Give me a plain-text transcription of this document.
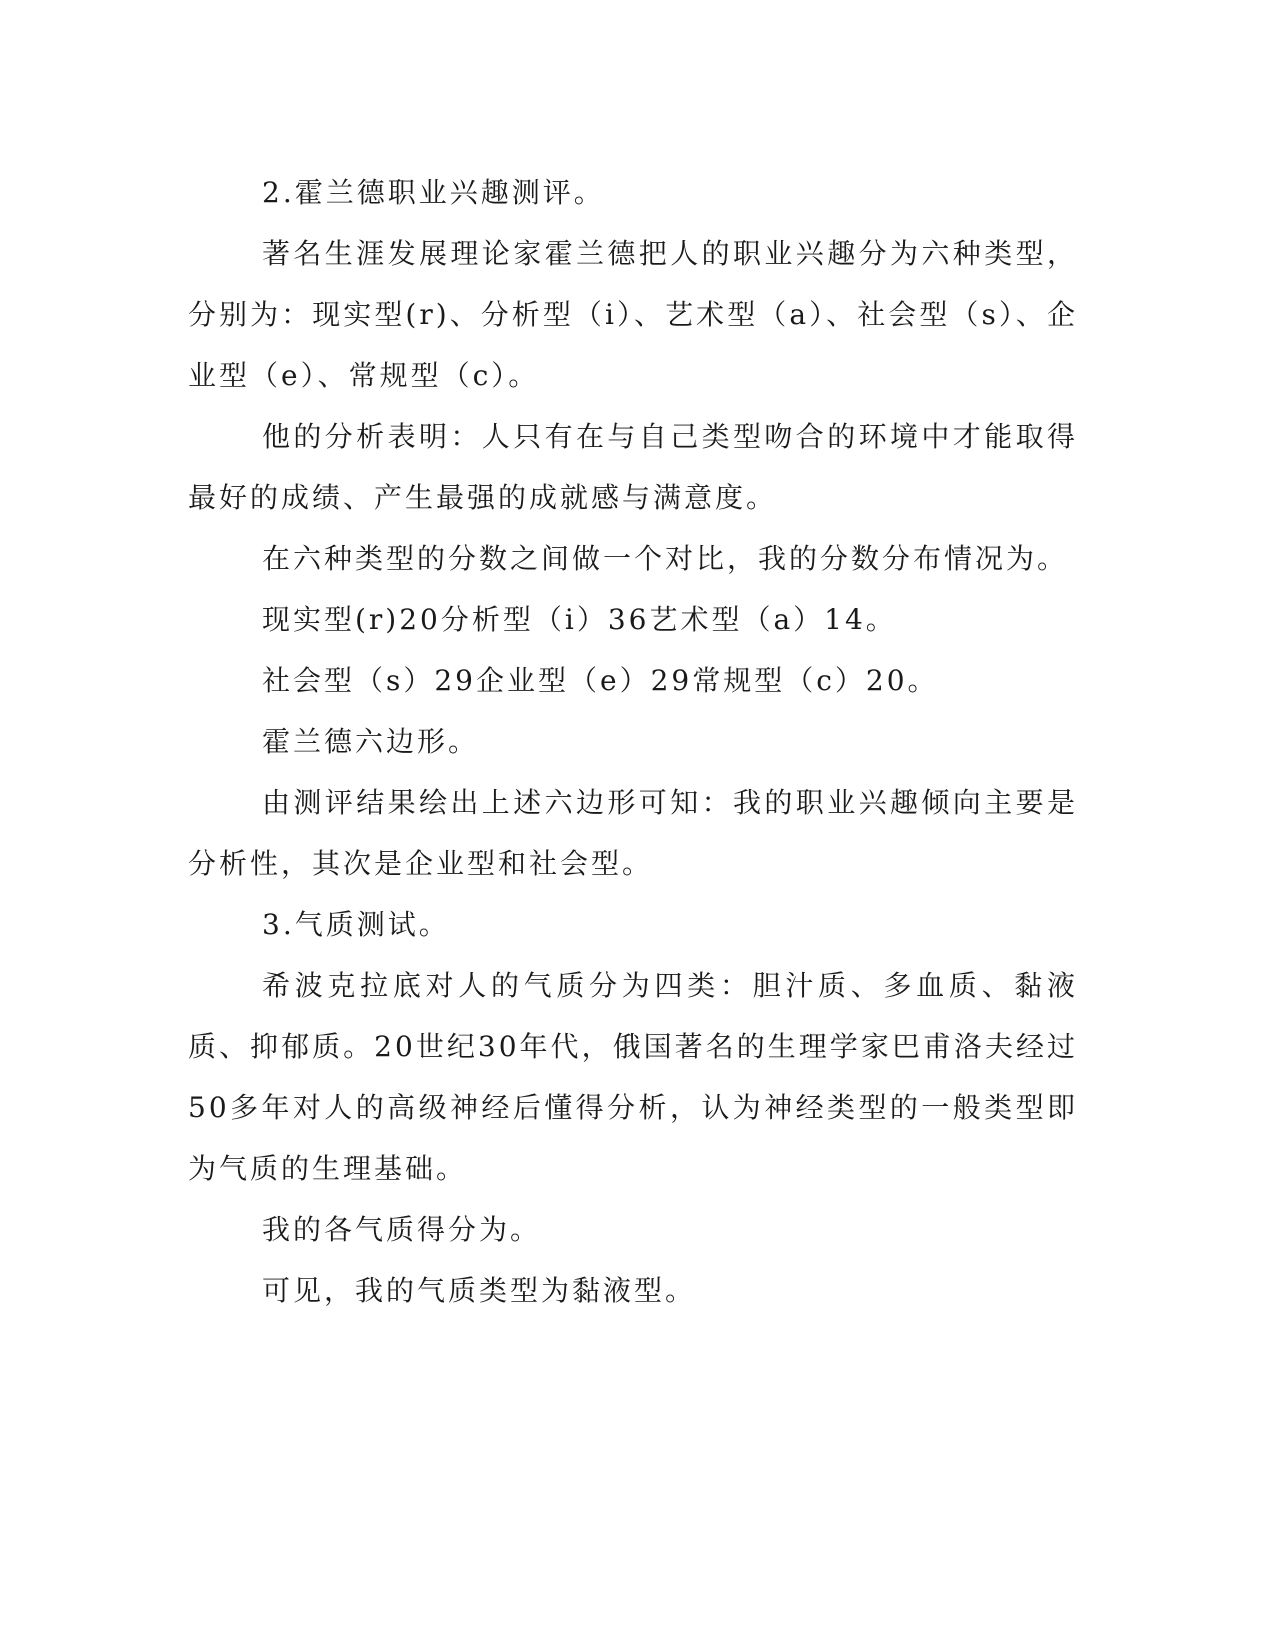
2.霍兰德职业兴趣测评。

著名生涯发展理论家霍兰德把人的职业兴趣分为六种类型，分别为：现实型(r)、分析型（i）、艺术型（a）、社会型（s）、企业型（e）、常规型（c）。

他的分析表明：人只有在与自己类型吻合的环境中才能取得最好的成绩、产生最强的成就感与满意度。

在六种类型的分数之间做一个对比，我的分数分布情况为。

现实型(r)20分析型（i）36艺术型（a）14。

社会型（s）29企业型（e）29常规型（c）20。

霍兰德六边形。

由测评结果绘出上述六边形可知：我的职业兴趣倾向主要是分析性，其次是企业型和社会型。

3.气质测试。

希波克拉底对人的气质分为四类：胆汁质、多血质、黏液质、抑郁质。20世纪30年代，俄国著名的生理学家巴甫洛夫经过50多年对人的高级神经后懂得分析，认为神经类型的一般类型即为气质的生理基础。

我的各气质得分为。

可见，我的气质类型为黏液型。
